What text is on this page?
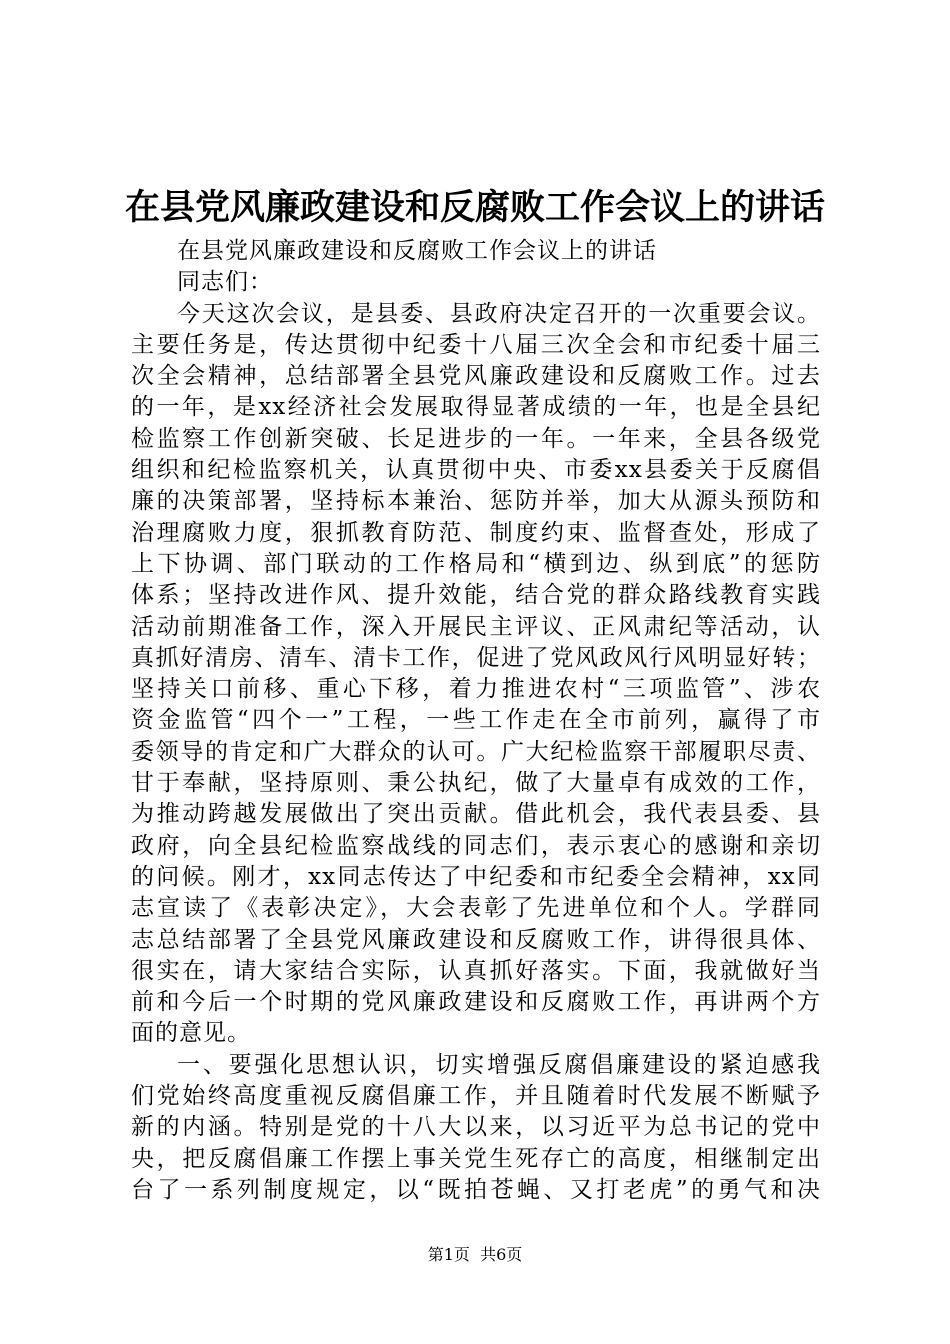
在县党风廉政建设和反腐败工作会议上的讲话
在县党风廉政建设和反腐败工作会议上的讲话
同志们：
今天这次会议，是县委、县政府决定召开的一次重要会议。
主要任务是，传达贯彻中纪委十八届三次全会和市纪委十届三
次全会精神，总结部署全县党风廉政建设和反腐败工作。过去
的一年，是xx经济社会发展取得显著成绩的一年，也是全县纪
检监察工作创新突破、长足进步的一年。一年来，全县各级党
组织和纪检监察机关，认真贯彻中央、市委xx县委关于反腐倡
廉的决策部署，坚持标本兼治、惩防并举，加大从源头预防和
治理腐败力度，狠抓教育防范、制度约束、监督查处，形成了
上下协调、部门联动的工作格局和“横到边、纵到底”的惩防
体系；坚持改进作风、提升效能，结合党的群众路线教育实践
活动前期准备工作，深入开展民主评议、正风肃纪等活动，认
真抓好清房、清车、清卡工作，促进了党风政风行风明显好转；
坚持关口前移、重心下移，着力推进农村“三项监管”、涉农
资金监管“四个一”工程，一些工作走在全市前列，赢得了市
委领导的肯定和广大群众的认可。广大纪检监察干部履职尽责、
甘于奉献，坚持原则、秉公执纪，做了大量卓有成效的工作，
为推动跨越发展做出了突出贡献。借此机会，我代表县委、县
政府，向全县纪检监察战线的同志们，表示衷心的感谢和亲切
的问候。刚才，xx同志传达了中纪委和市纪委全会精神，xx同
志宣读了《表彰决定》，大会表彰了先进单位和个人。学群同
志总结部署了全县党风廉政建设和反腐败工作，讲得很具体、
很实在，请大家结合实际，认真抓好落实。下面，我就做好当
前和今后一个时期的党风廉政建设和反腐败工作，再讲两个方
面的意见。
一、要强化思想认识，切实增强反腐倡廉建设的紧迫感我
们党始终高度重视反腐倡廉工作，并且随着时代发展不断赋予
新的内涵。特别是党的十八大以来，以习近平为总书记的党中
央，把反腐倡廉工作摆上事关党生死存亡的高度，相继制定出
台了一系列制度规定，以“既拍苍蝇、又打老虎”的勇气和决
第1页  共6页
